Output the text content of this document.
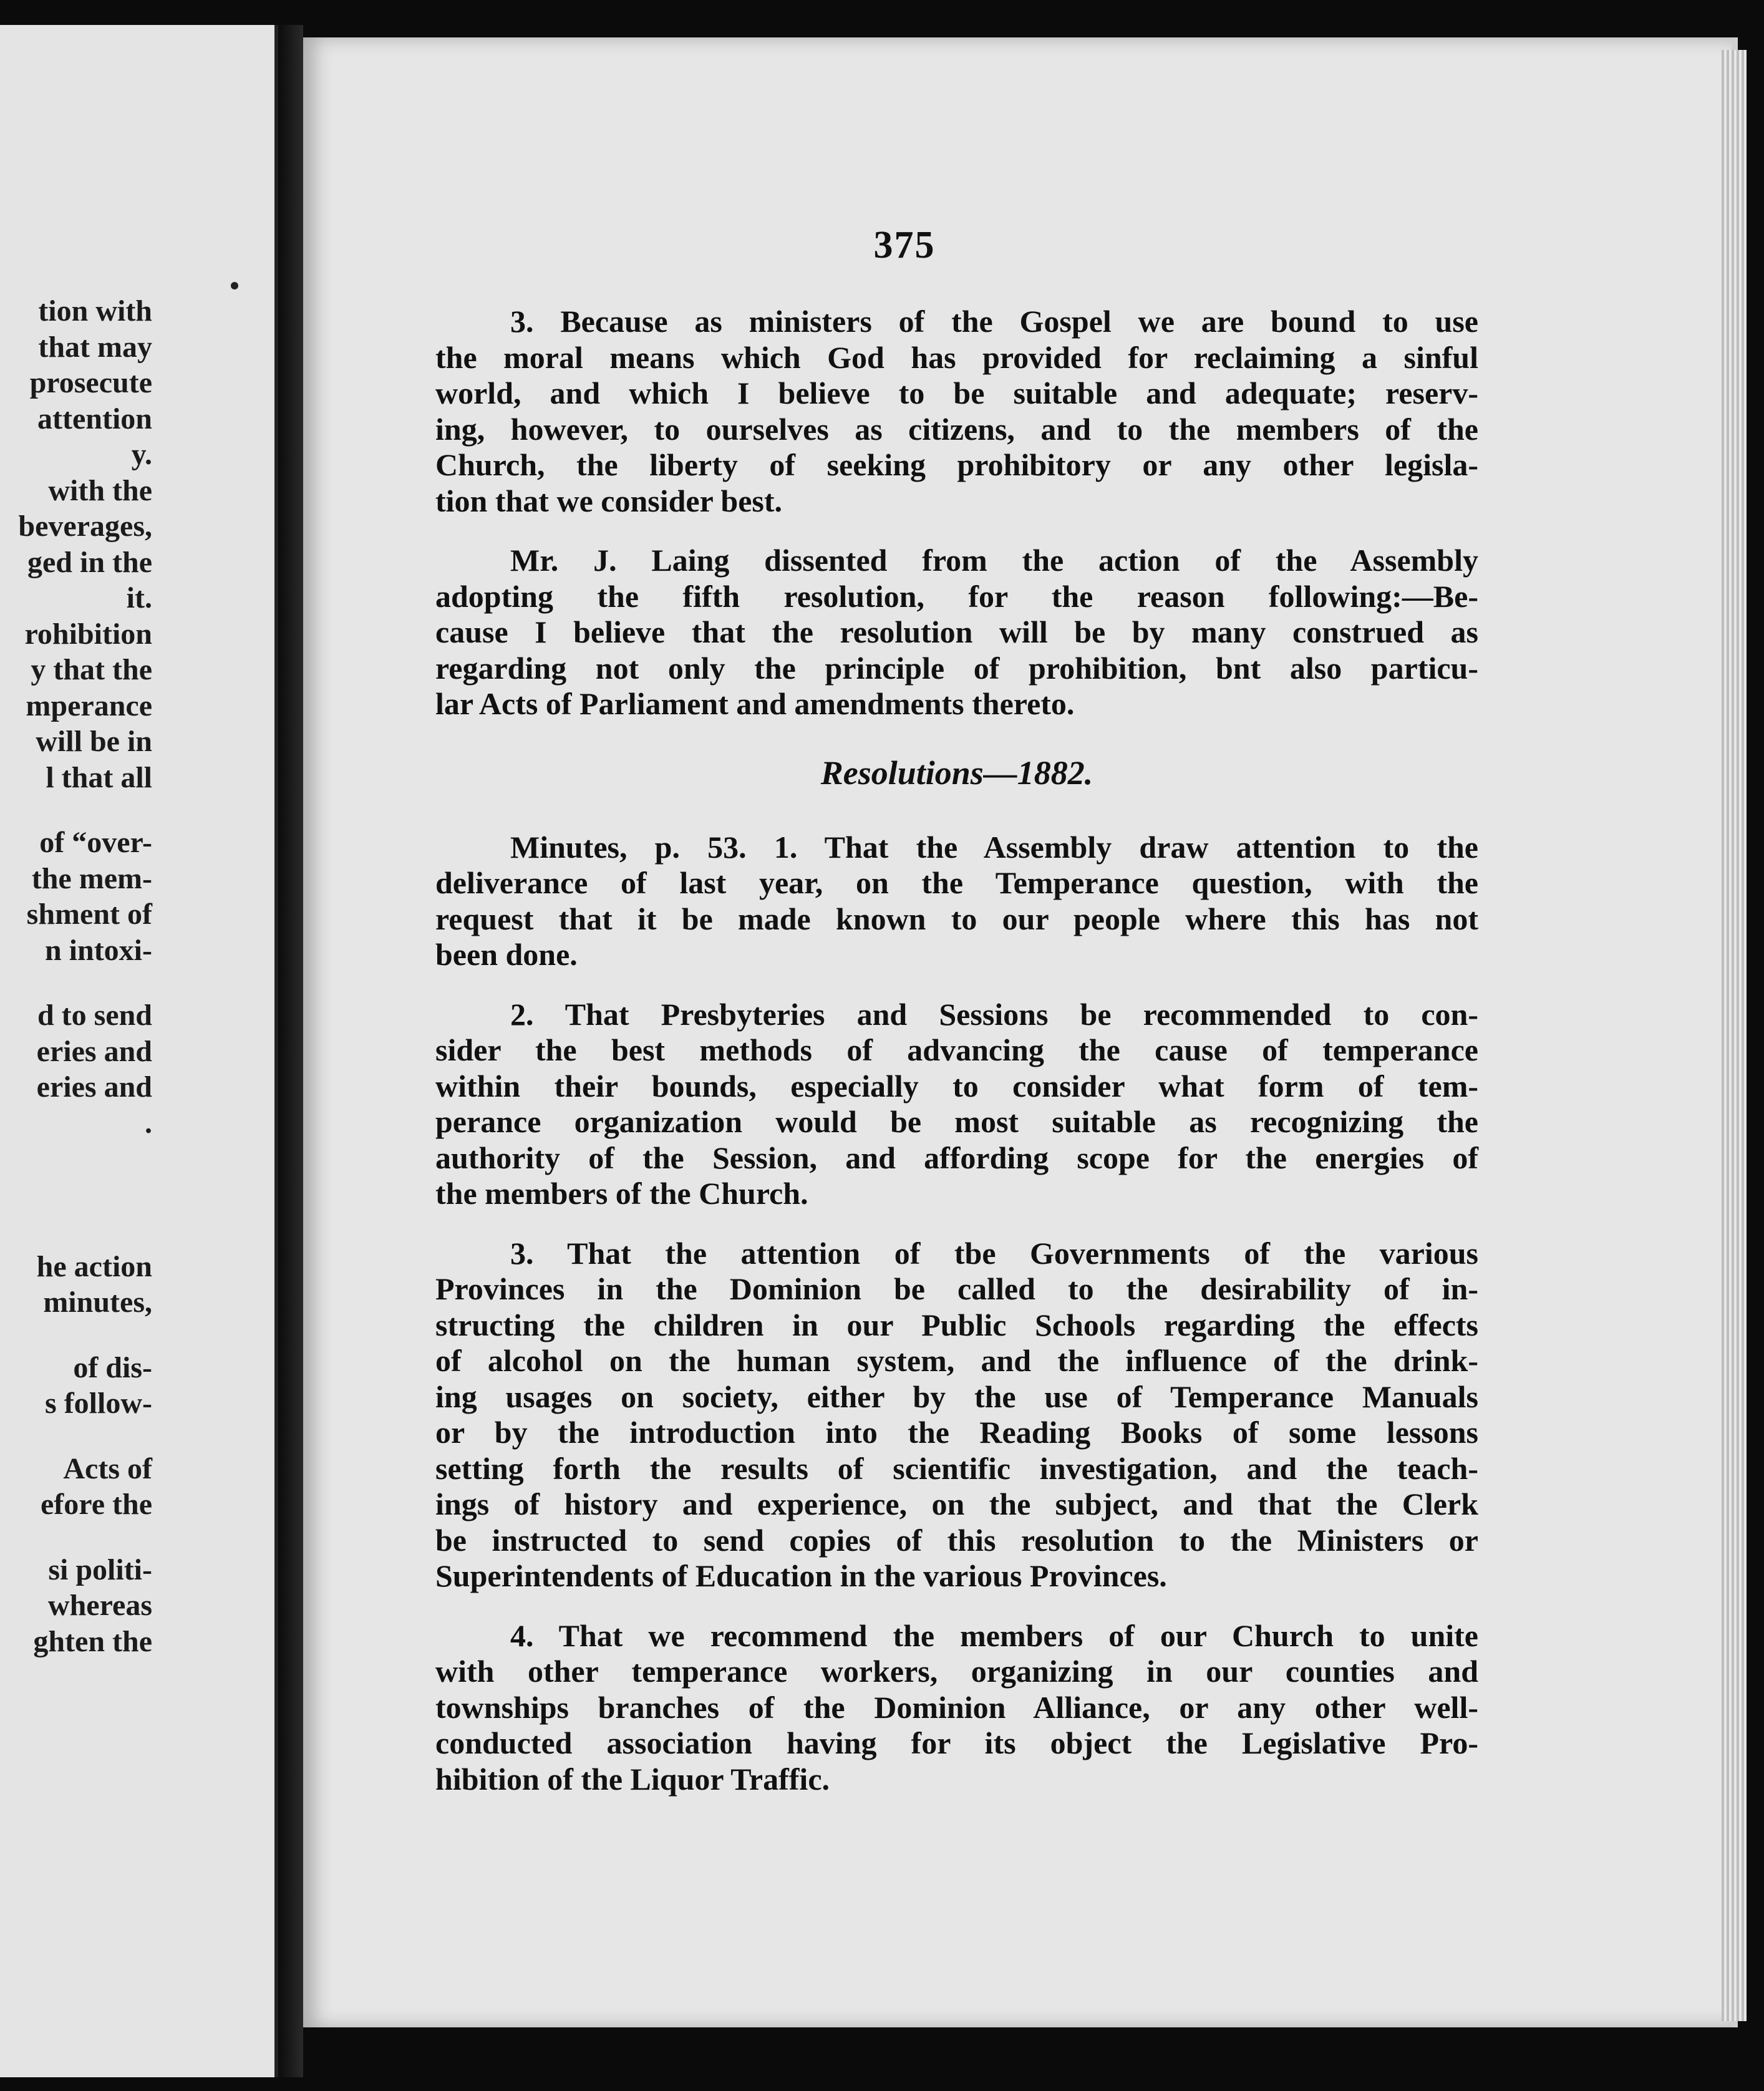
tion with
that may
prosecute
attention
y.
with the
beverages,
ged in the
it.
rohibition
y that the
mperance
will be in
l that all
of “over-
the mem-
shment of
n intoxi-
d to send
eries and
eries and
.
he action
minutes,
of dis-
s follow-
Acts of
efore the
si politi-
whereas
ghten the
375
3. Because as ministers of the Gospel we are bound to use
the moral means which God has provided for reclaiming a sinful
world, and which I believe to be suitable and adequate; reserv-
ing, however, to ourselves as citizens, and to the members of the
Church, the liberty of seeking prohibitory or any other legisla-
tion that we consider best.
Mr. J. Laing dissented from the action of the Assembly
adopting the fifth resolution, for the reason following:—Be-
cause I believe that the resolution will be by many construed as
regarding not only the principle of prohibition, bnt also particu-
lar Acts of Parliament and amendments thereto.
Resolutions—1882.
Minutes, p. 53. 1. That the Assembly draw attention to the
deliverance of last year, on the Temperance question, with the
request that it be made known to our people where this has not
been done.
2. That Presbyteries and Sessions be recommended to con-
sider the best methods of advancing the cause of temperance
within their bounds, especially to consider what form of tem-
perance organization would be most suitable as recognizing the
authority of the Session, and affording scope for the energies of
the members of the Church.
3. That the attention of tbe Governments of the various
Provinces in the Dominion be called to the desirability of in-
structing the children in our Public Schools regarding the effects
of alcohol on the human system, and the influence of the drink-
ing usages on society, either by the use of Temperance Manuals
or by the introduction into the Reading Books of some lessons
setting forth the results of scientific investigation, and the teach-
ings of history and experience, on the subject, and that the Clerk
be instructed to send copies of this resolution to the Ministers or
Superintendents of Education in the various Provinces.
4. That we recommend the members of our Church to unite
with other temperance workers, organizing in our counties and
townships branches of the Dominion Alliance, or any other well-
conducted association having for its object the Legislative Pro-
hibition of the Liquor Traffic.
